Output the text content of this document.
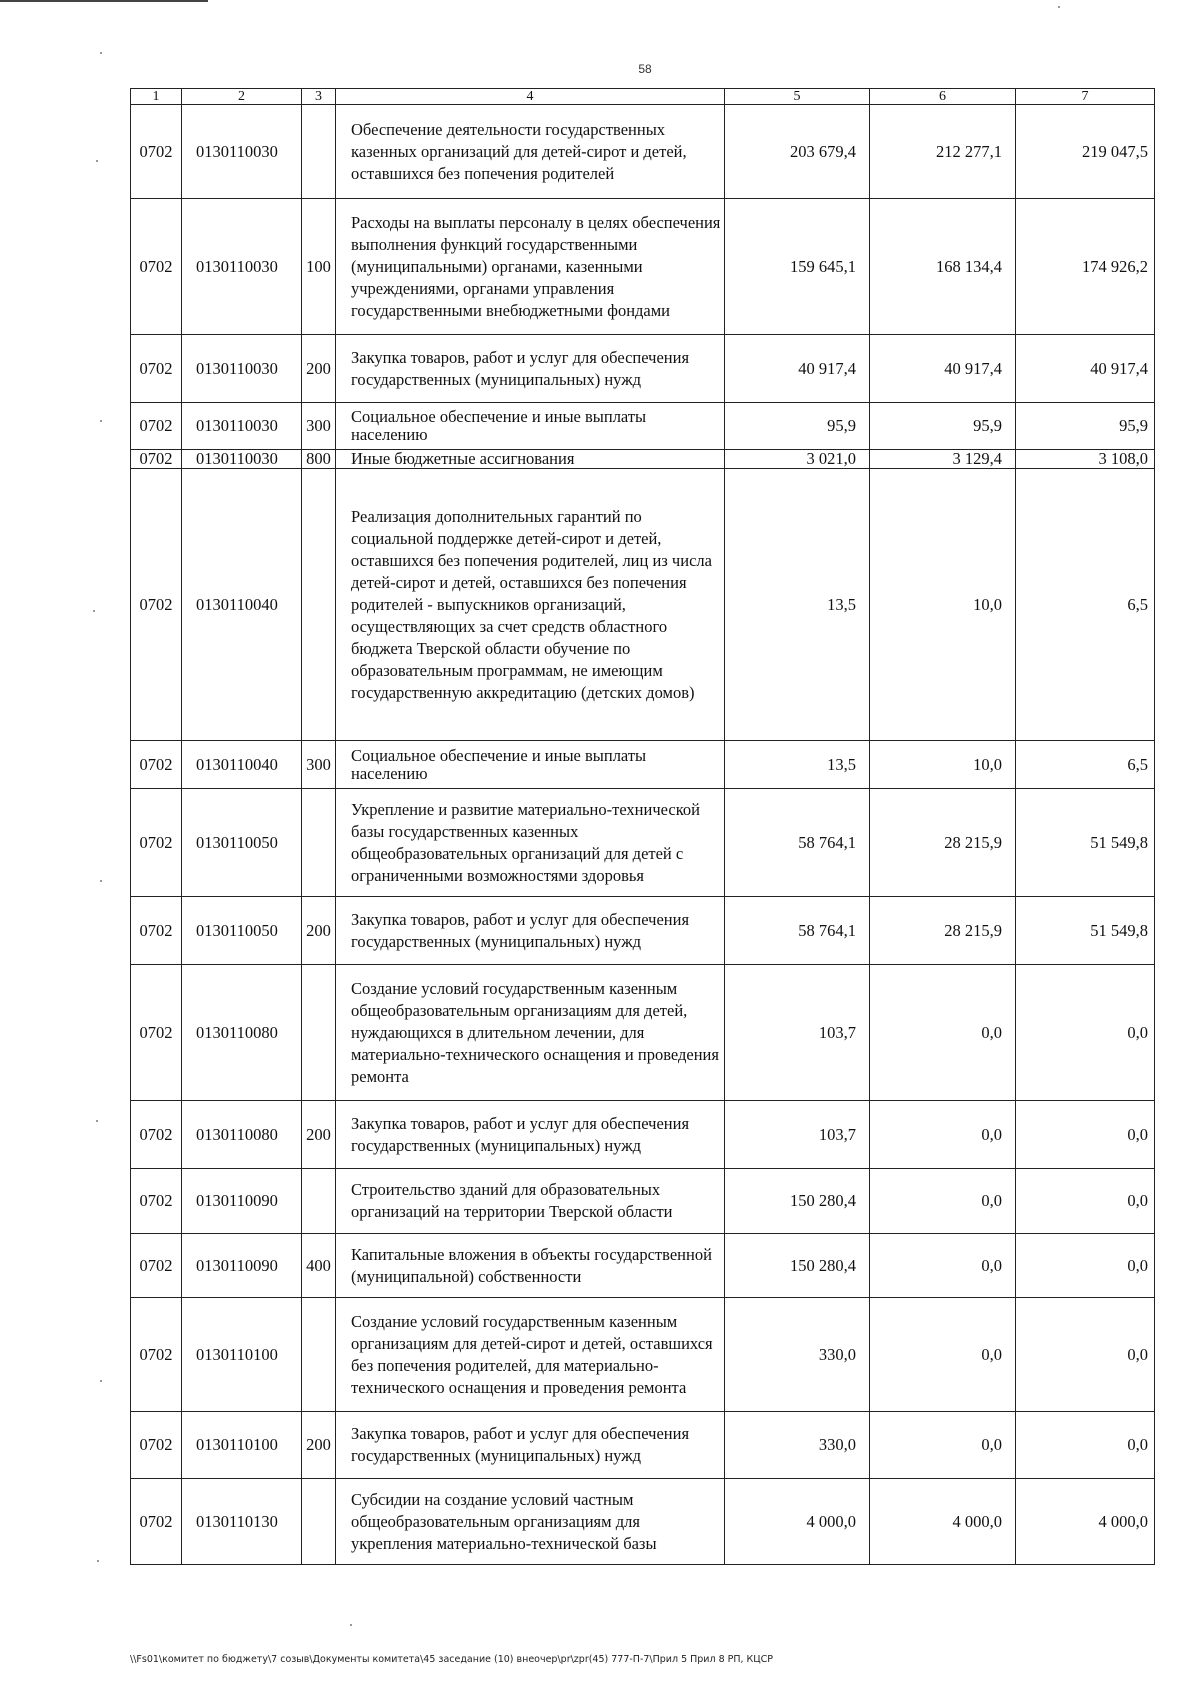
58
1	2	3	4	5	6	7
0702	0130110030		Обеспечение деятельности государственных казенных организаций для детей-сирот и детей, оставшихся без попечения родителей	203 679,4	212 277,1	219 047,5
0702	0130110030	100	Расходы на выплаты персоналу в целях обеспечения выполнения функций государственными (муниципальными) органами, казенными учреждениями, органами управления государственными внебюджетными фондами	159 645,1	168 134,4	174 926,2
0702	0130110030	200	Закупка товаров, работ и услуг для обеспечения государственных (муниципальных) нужд	40 917,4	40 917,4	40 917,4
0702	0130110030	300	Социальное обеспечение и иные выплаты населению	95,9	95,9	95,9
0702	0130110030	800	Иные бюджетные ассигнования	3 021,0	3 129,4	3 108,0
0702	0130110040		Реализация дополнительных гарантий по социальной поддержке детей-сирот и детей, оставшихся без попечения родителей, лиц из числа детей-сирот и детей, оставшихся без попечения родителей - выпускников организаций, осуществляющих за счет средств областного бюджета Тверской области обучение по образовательным программам, не имеющим государственную аккредитацию (детских домов)	13,5	10,0	6,5
0702	0130110040	300	Социальное обеспечение и иные выплаты населению	13,5	10,0	6,5
0702	0130110050		Укрепление и развитие материально-технической базы государственных казенных общеобразовательных организаций для детей с ограниченными возможностями здоровья	58 764,1	28 215,9	51 549,8
0702	0130110050	200	Закупка товаров, работ и услуг для обеспечения государственных (муниципальных) нужд	58 764,1	28 215,9	51 549,8
0702	0130110080		Создание условий государственным казенным общеобразовательным организациям для детей, нуждающихся в длительном лечении, для материально-технического оснащения и проведения ремонта	103,7	0,0	0,0
0702	0130110080	200	Закупка товаров, работ и услуг для обеспечения государственных (муниципальных) нужд	103,7	0,0	0,0
0702	0130110090		Строительство зданий для образовательных организаций на территории Тверской области	150 280,4	0,0	0,0
0702	0130110090	400	Капитальные вложения в объекты государственной (муниципальной) собственности	150 280,4	0,0	0,0
0702	0130110100		Создание условий государственным казенным организациям для детей-сирот и детей, оставшихся без попечения родителей, для материально-технического оснащения и проведения ремонта	330,0	0,0	0,0
0702	0130110100	200	Закупка товаров, работ и услуг для обеспечения государственных (муниципальных) нужд	330,0	0,0	0,0
0702	0130110130		Субсидии на создание условий частным общеобразовательным организациям для укрепления материально-технической базы	4 000,0	4 000,0	4 000,0
\\Fs01\комитет по бюджету\7 созыв\Документы комитета\45 заседание (10) внеочер\pr\zpr(45) 777-П-7\Прил 5 Прил 8 РП, КЦСР
